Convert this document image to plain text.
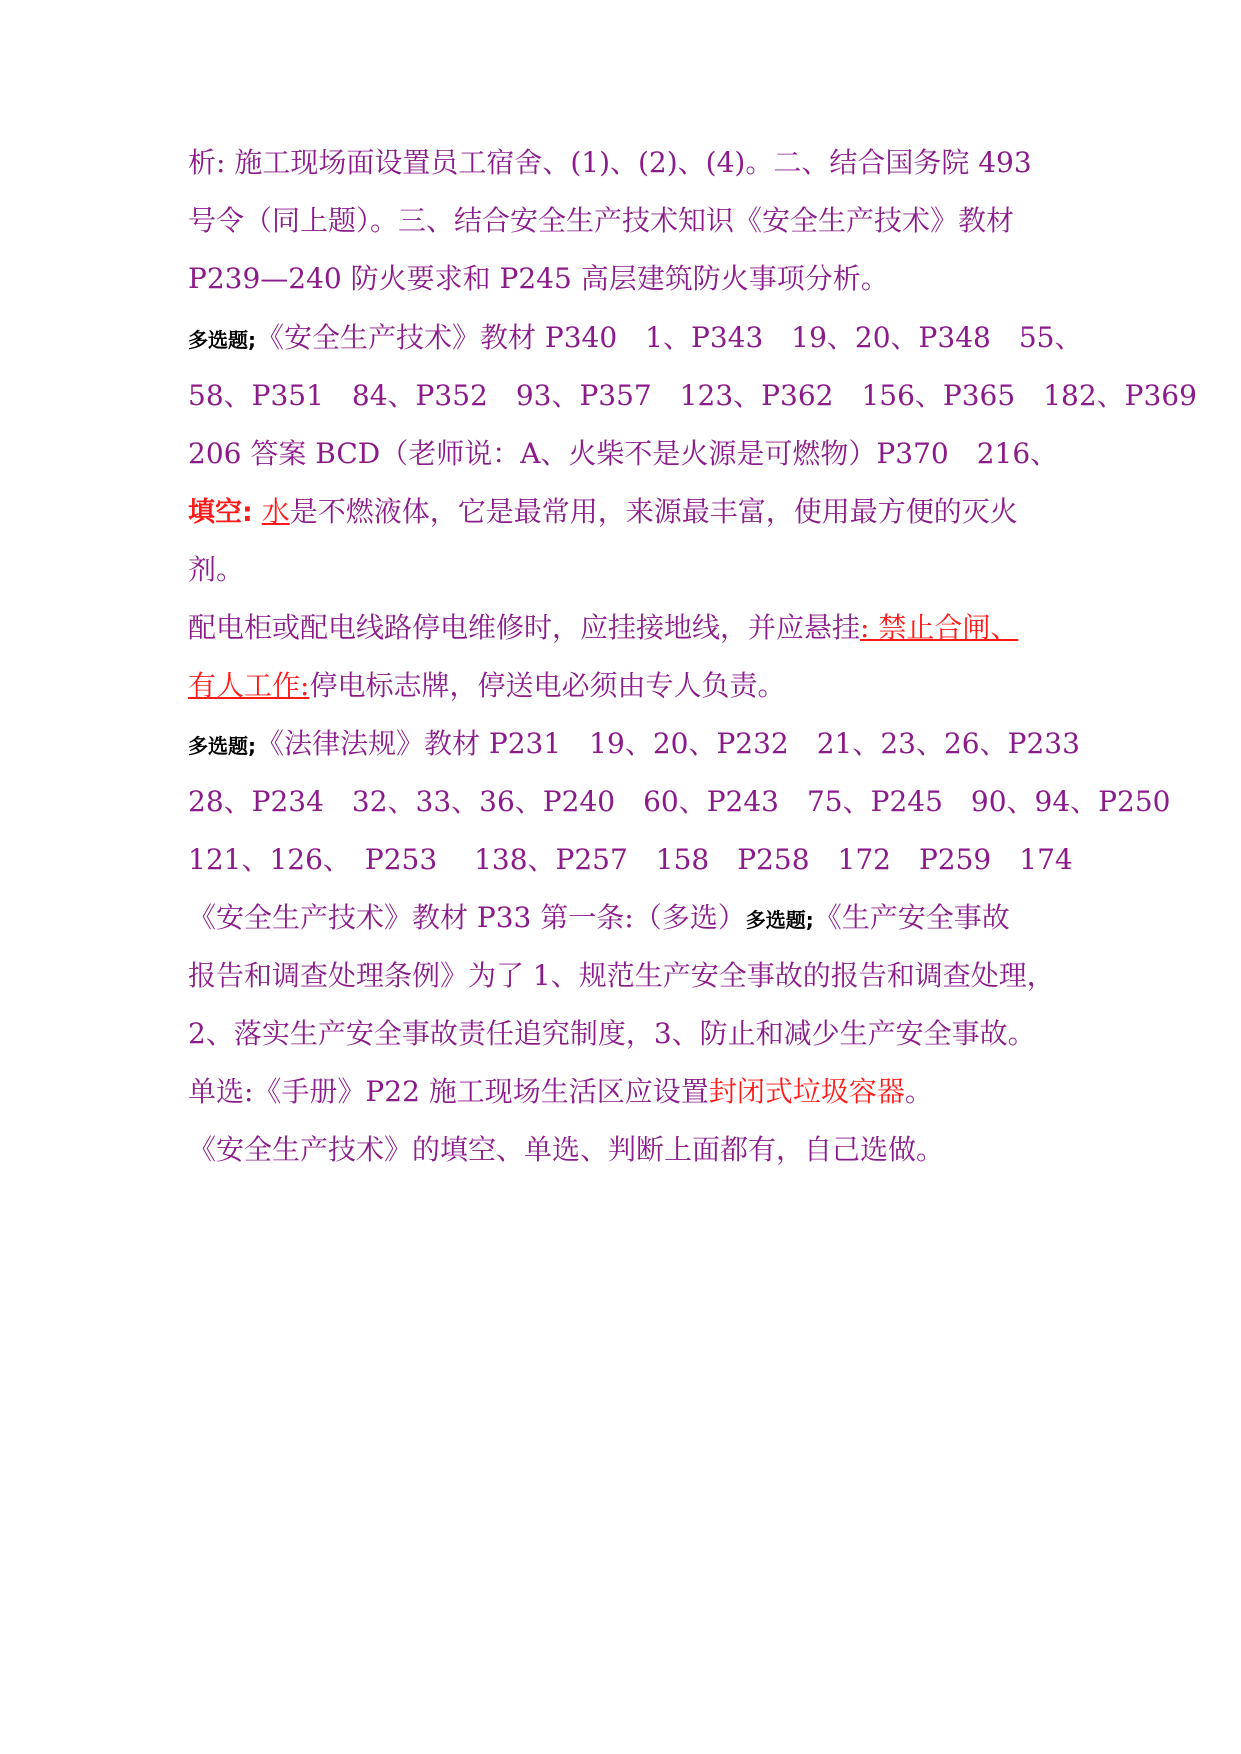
析: 施工现场面设置员工宿舍、(1)、(2)、(4)。二、结合国务院 493
号令（同上题）。三、结合安全生产技术知识《安全生产技术》教材
P239—240 防火要求和 P245 高层建筑防火事项分析。
多选题;《安全生产技术》教材 P340　1、P343　19、20、P348　55、
58、P351　84、P352　93、P357　123、P362　156、P365　182、P369
206 答案 BCD（老师说：A、火柴不是火源是可燃物）P370　216、
填空: 水是不燃液体，它是最常用，来源最丰富，使用最方便的灭火
剂。
配电柜或配电线路停电维修时，应挂接地线，并应悬挂: 禁止合闸、
有人工作:停电标志牌，停送电必须由专人负责。
多选题;《法律法规》教材 P231　19、20、P232　21、23、26、P233
28、P234　32、33、36、P240　60、P243　75、P245　90、94、P250
121、126、　P253　 138、P257　158　P258　172　P259　174
《安全生产技术》教材 P33 第一条:（多选）多选题;《生产安全事故
报告和调查处理条例》为了 1、规范生产安全事故的报告和调查处理，
2、落实生产安全事故责任追究制度，3、防止和减少生产安全事故。
单选:《手册》P22 施工现场生活区应设置封闭式垃圾容器。
《安全生产技术》的填空、单选、判断上面都有，自己选做。
